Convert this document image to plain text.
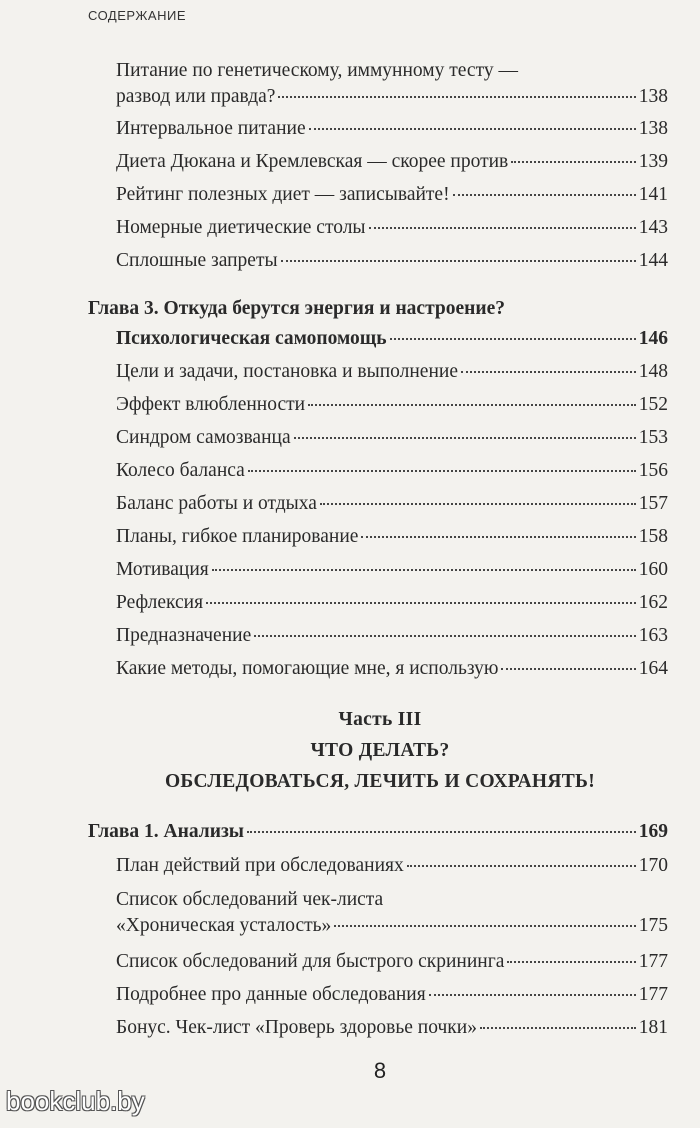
СОДЕРЖАНИЕ
Питание по генетическому, иммунному тесту —
развод или правда?	138
Интервальное питание	138
Диета Дюкана и Кремлевская — скорее против	139
Рейтинг полезных диет — записывайте!	141
Номерные диетические столы	143
Сплошные запреты	144
Глава 3. Откуда берутся энергия и настроение?
Психологическая самопомощь	146
Цели и задачи, постановка и выполнение	148
Эффект влюбленности	152
Синдром самозванца	153
Колесо баланса	156
Баланс работы и отдыха	157
Планы, гибкое планирование	158
Мотивация	160
Рефлексия	162
Предназначение	163
Какие методы, помогающие мне, я использую	164
Часть III
ЧТО ДЕЛАТЬ?
ОБСЛЕДОВАТЬСЯ, ЛЕЧИТЬ И СОХРАНЯТЬ!
Глава 1. Анализы	169
План действий при обследованиях	170
Список обследований чек-листа
«Хроническая усталость»	175
Список обследований для быстрого скрининга	177
Подробнее про данные обследования	177
Бонус. Чек-лист «Проверь здоровье почки»	181
8
bookclub.by
